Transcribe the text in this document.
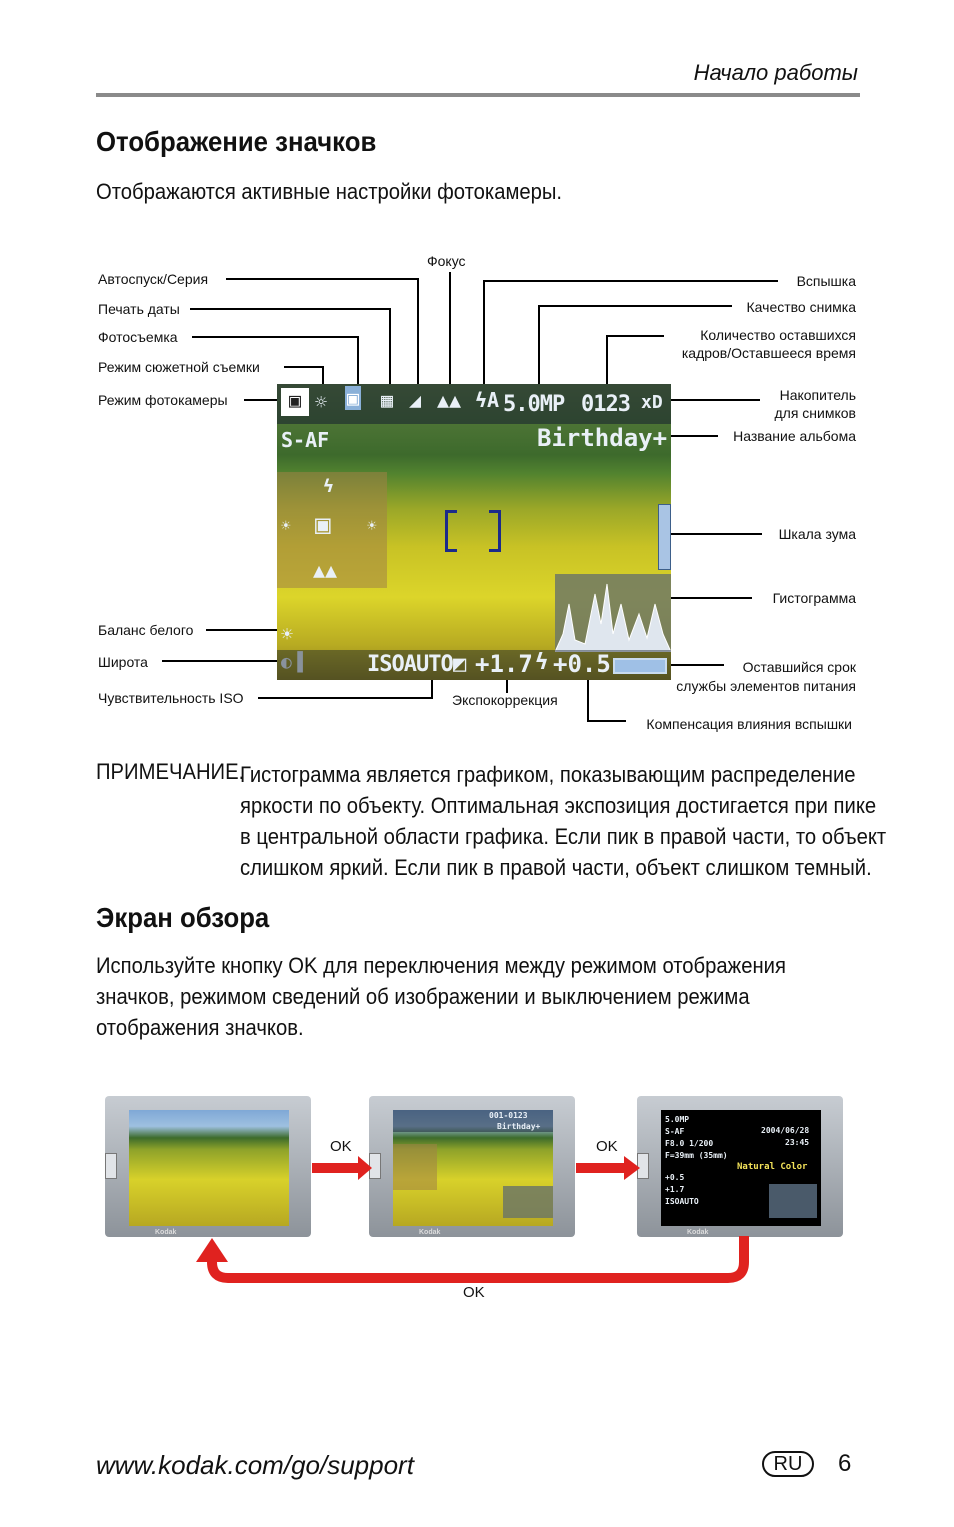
Начало работы
Отображение значков
Отображаются активные настройки фотокамеры.
Фокус
Автоспуск/Серия
Печать даты
Фотосъемка
Режим сюжетной съемки
Режим фотокамеры
Вспышка
Качество снимка
Количество оставшихся
кадров/Оставшееся время
Накопитель
для снимков
Название альбома
Шкала зума
Гистограмма
Баланс белого
Широта	Оставшийся срок
службы элементов питания
Чувствительность ISO	Экспокоррекция
Компенсация влияния вспышки
▣ ☼ ▣ ▦ ◢ ▲▲ ϟA 5.0MP 0123 xD
S-AF	Birthday+
ϟ
▣
☀	☀
▲▲
☀
◐▐	ISOAUTO ◩ +1.7 ϟ +0.5
ПРИМЕЧАНИЕ.
Гистограмма является графиком, показывающим распределение
яркости по объекту. Оптимальная экспозиция достигается при пике
в центральной области графика. Если пик в правой части, то объект
слишком яркий. Если пик в правой части, объект слишком темный.
Экран обзора
Используйте кнопку OK для переключения между режимом отображения
значков, режимом сведений об изображении и выключением режима
отображения значков.
Kodak
001-0123
Birthday+
Kodak
5.0MP
S-AF
F8.0 1/200
F=39mm (35mm)
+0.5
+1.7
ISOAUTO
2004/06/28
23:45
Natural Color
Kodak
OK	OK
OK
www.kodak.com/go/support	RU	6
